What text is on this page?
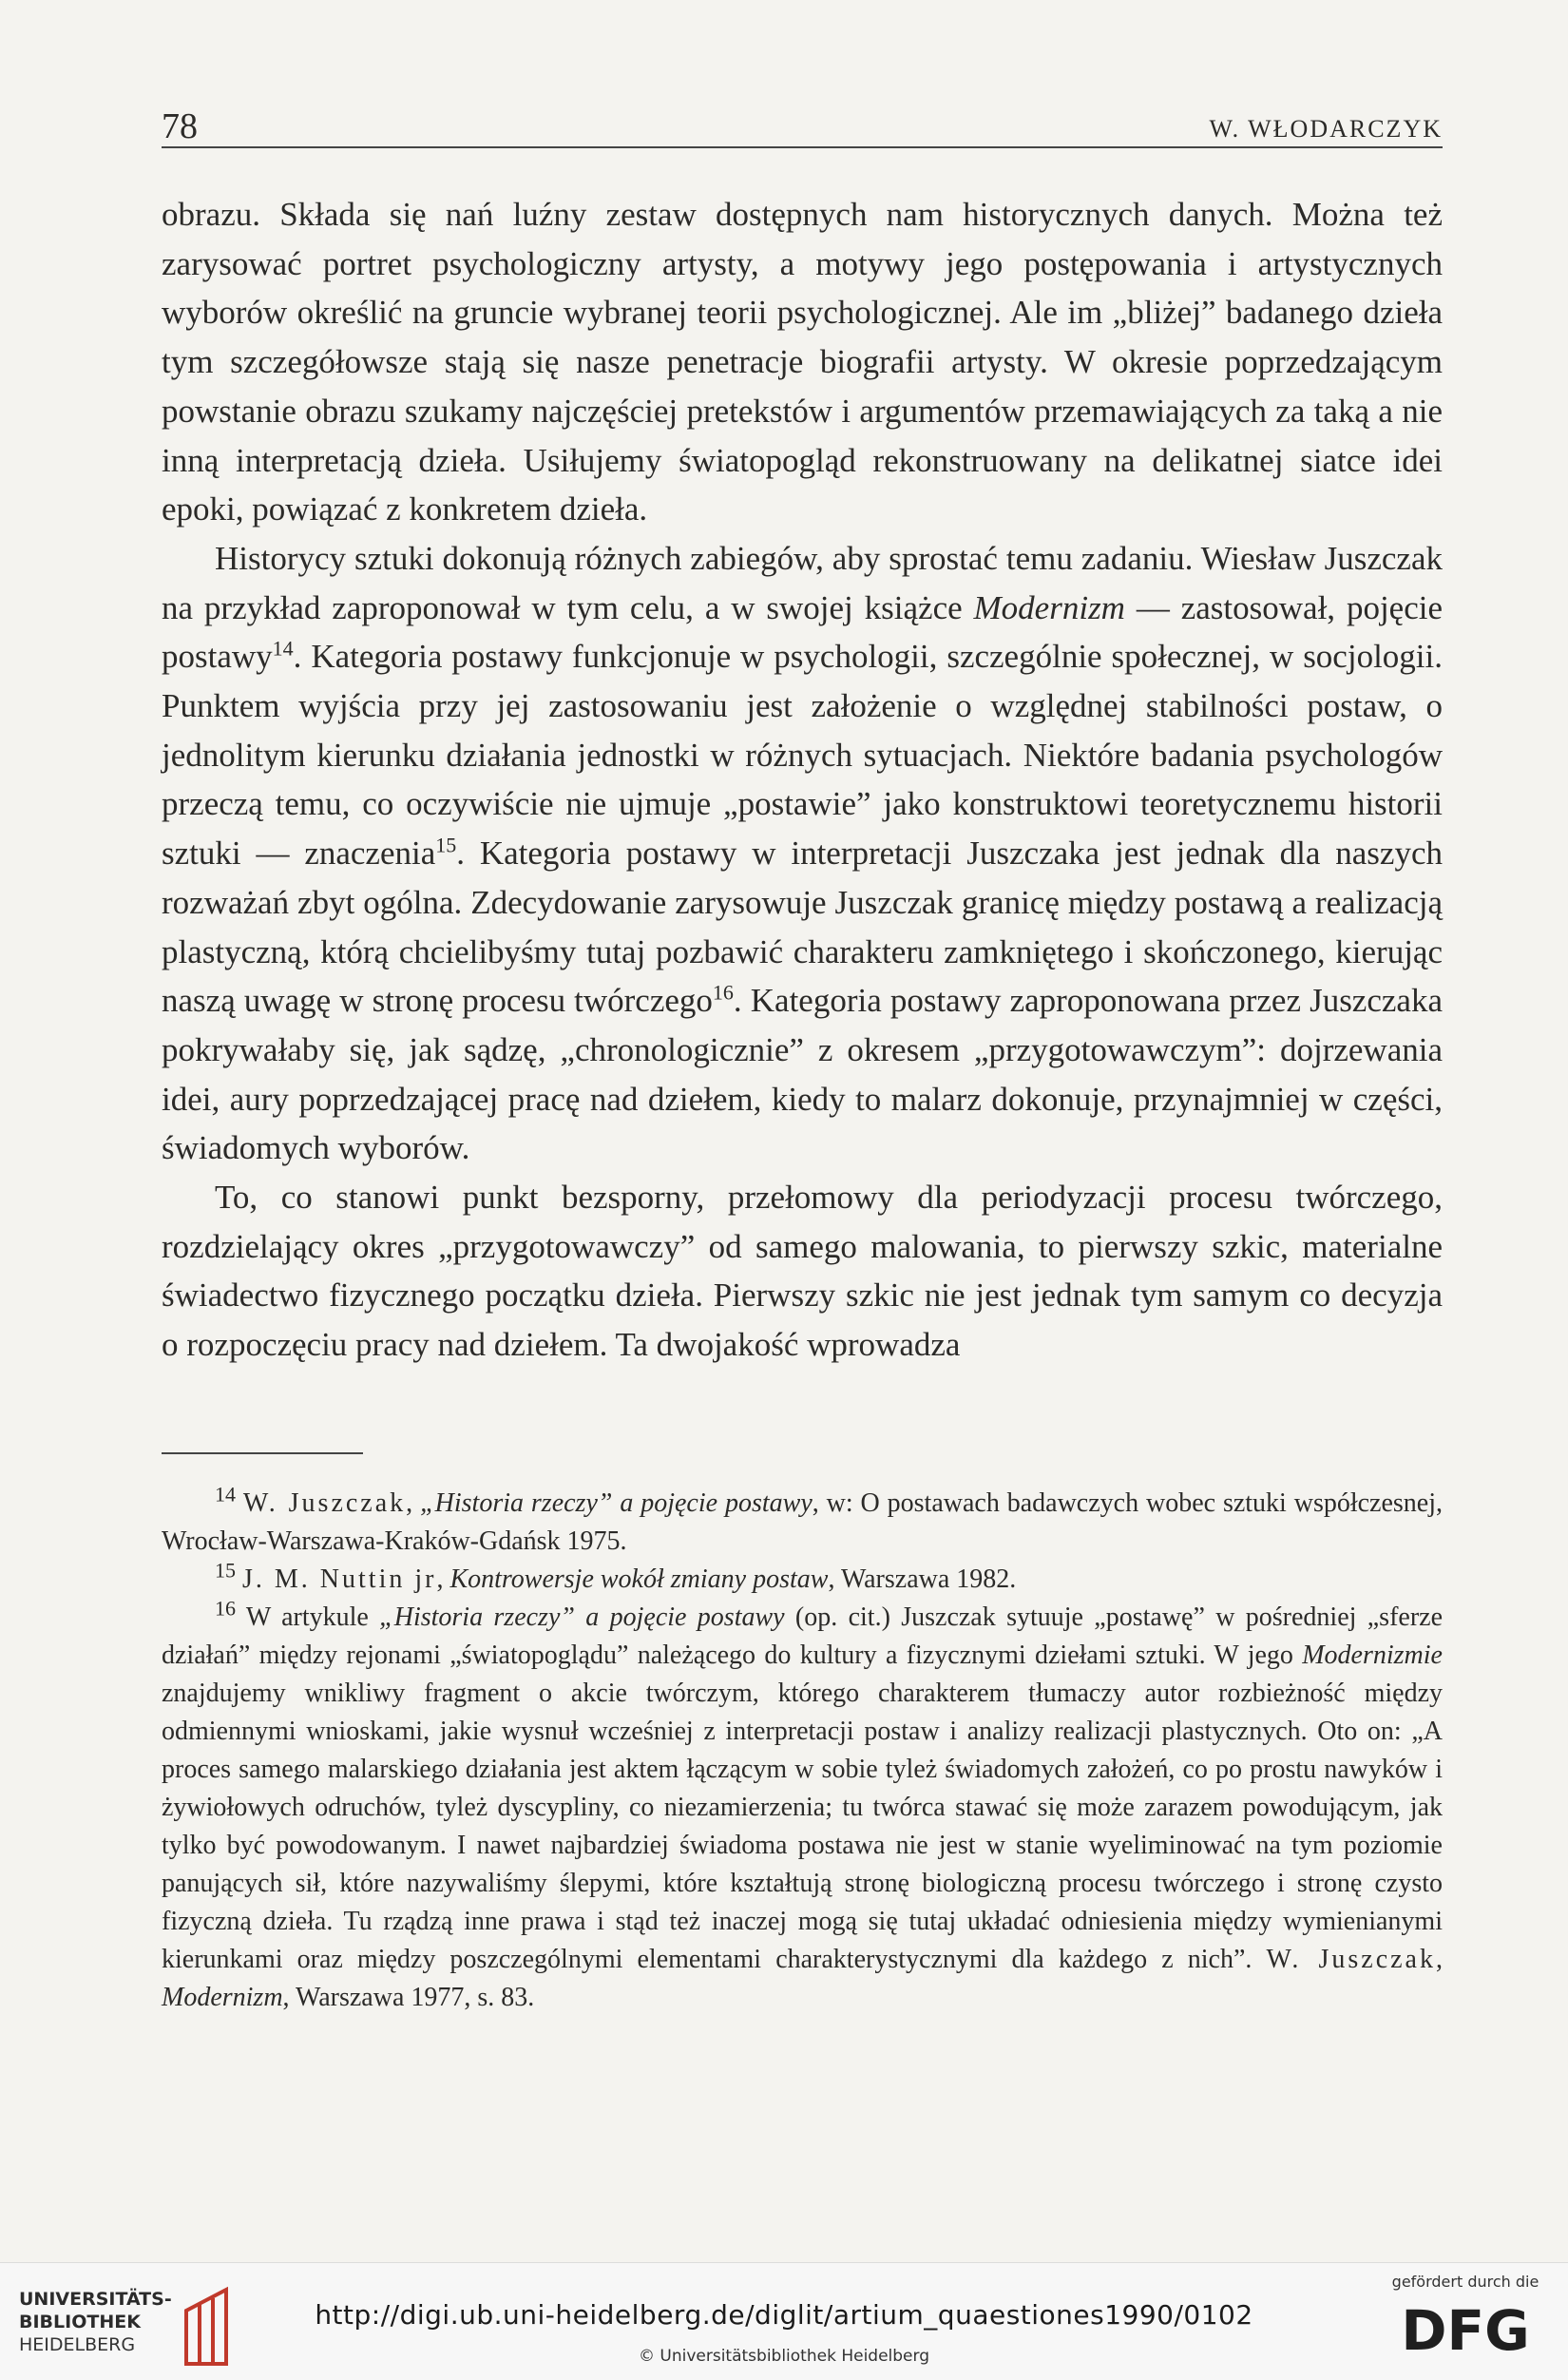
78	W. WŁODARCZYK

obrazu. Składa się nań luźny zestaw dostępnych nam historycznych danych. Można też zarysować portret psychologiczny artysty, a motywy jego postępowania i artystycznych wyborów określić na gruncie wybranej teorii psychologicznej. Ale im „bliżej” badanego dzieła tym szczegółowsze stają się nasze penetracje biografii artysty. W okresie poprzedzającym powstanie obrazu szukamy najczęściej pretekstów i argumentów przemawiających za taką a nie inną interpretacją dzieła. Usiłujemy światopogląd rekonstruowany na delikatnej siatce idei epoki, powiązać z konkretem dzieła.

Historycy sztuki dokonują różnych zabiegów, aby sprostać temu zadaniu. Wiesław Juszczak na przykład zaproponował w tym celu, a w swojej książce Modernizm — zastosował, pojęcie postawy$^{14}$. Kategoria postawy funkcjonuje w psychologii, szczególnie społecznej, w socjologii. Punktem wyjścia przy jej zastosowaniu jest założenie o względnej stabilności postaw, o jednolitym kierunku działania jednostki w różnych sytuacjach. Niektóre badania psychologów przeczą temu, co oczywiście nie ujmuje „postawie” jako konstruktowi teoretycznemu historii sztuki — znaczenia$^{15}$. Kategoria postawy w interpretacji Juszczaka jest jednak dla naszych rozważań zbyt ogólna. Zdecydowanie zarysowuje Juszczak granicę między postawą a realizacją plastyczną, którą chcielibyśmy tutaj pozbawić charakteru zamkniętego i skończonego, kierując naszą uwagę w stronę procesu twórczego$^{16}$. Kategoria postawy zaproponowana przez Juszczaka pokrywałaby się, jak sądzę, „chronologicznie” z okresem „przygotowawczym”: dojrzewania idei, aury poprzedzającej pracę nad dziełem, kiedy to malarz dokonuje, przynajmniej w części, świadomych wyborów.

To, co stanowi punkt bezsporny, przełomowy dla periodyzacji procesu twórczego, rozdzielający okres „przygotowawczy” od samego malowania, to pierwszy szkic, materialne świadectwo fizycznego początku dzieła. Pierwszy szkic nie jest jednak tym samym co decyzja o rozpoczęciu pracy nad dziełem. Ta dwojakość wprowadza

$^{14}$ W. Juszczak, „Historia rzeczy” a pojęcie postawy, w: O postawach badawczych wobec sztuki współczesnej, Wrocław-Warszawa-Kraków-Gdańsk 1975.

$^{15}$ J. M. Nuttin jr, Kontrowersje wokół zmiany postaw, Warszawa 1982.

$^{16}$ W artykule „Historia rzeczy” a pojęcie postawy (op. cit.) Juszczak sytuuje „postawę” w pośredniej „sferze działań” między rejonami „światopoglądu” należącego do kultury a fizycznymi dziełami sztuki. W jego Modernizmie znajdujemy wnikliwy fragment o akcie twórczym, którego charakterem tłumaczy autor rozbieżność między odmiennymi wnioskami, jakie wysnuł wcześniej z interpretacji postaw i analizy realizacji plastycznych. Oto on: „A proces samego malarskiego działania jest aktem łączącym w sobie tyleż świadomych założeń, co po prostu nawyków i żywiołowych odruchów, tyleż dyscypliny, co niezamierzenia; tu twórca stawać się może zarazem powodującym, jak tylko być powodowanym. I nawet najbardziej świadoma postawa nie jest w stanie wyeliminować na tym poziomie panujących sił, które nazywaliśmy ślepymi, które kształtują stronę biologiczną procesu twórczego i stronę czysto fizyczną dzieła. Tu rządzą inne prawa i stąd też inaczej mogą się tutaj układać odniesienia między wymienianymi kierunkami oraz między poszczególnymi elementami charakterystycznymi dla każdego z nich”. W. Juszczak, Modernizm, Warszawa 1977, s. 83.

UNIVERSITÄTS-
BIBLIOTHEK
HEIDELBERG
http://digi.ub.uni-heidelberg.de/diglit/artium_quaestiones1990/0102
© Universitätsbibliothek Heidelberg
gefördert durch die
DFG
